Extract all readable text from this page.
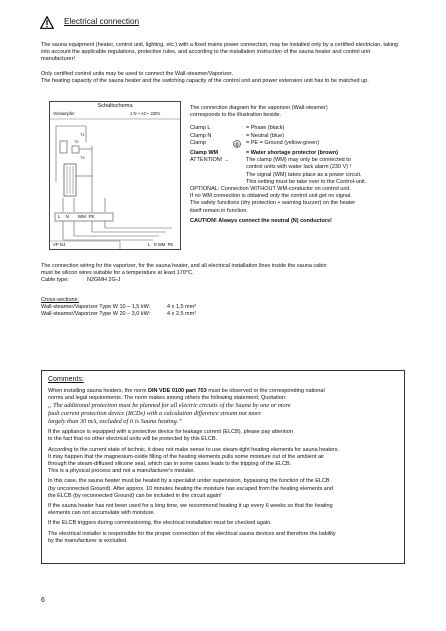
Electrical connection
The sauna equipment (heater, control unit, lighting, etc.) with a fixed mains power connection, may be installed only by a certified electrician, taking into account the applicable regulations, protective rules, and according to the installation instruction of the sauna heater and control unit manufacturer!

Only certified control units may be used to connect the Wall-steamer/Vaporizer.

The heating capacity of the sauna heater and the switching capacity of the control unit and power extension unit has to be matched up.

Schaltschema
Verdampfer	1 N ~ AC~ 230V
T1
T2
T3
L    N       WM  PE
VP 5/4	L   N WM  PE

The connection diagram for the vaporizer (Wall-steamer)

corresponds to the illustration beside.

Clamp L	= Phase (black)
Clamp N	= Neutral (blue)
Clamp	= PE = Ground (yellow-green)
Clamp WM	= Water shortage protector (brown)
ATTENTION! →	The clamp (WM) may only be connected to

control units with water lack alarm (230 V) !

The signal (WM) takes place as a power circuit.

This setting must be take over to the Control-unit.

OPTIONAL: Connection WITHOUT WM-conductor on control unit.

If no WM connection is obtained only the control unit get no signal.

The safety functions (dry protection + warning buzzer) on the heater

itself remain in function.

CAUTION! Always connect the neutral (N) conductors!

The connection wiring for the vaporizer, for the sauna heater, and all electrical installation lines inside the sauna cabin

must be silicon wires suitable for a temperature at least 170°C.

Cable type:	N2GMH 2G-J

Cross-sections:

Wall-steamer/Vaporizer Type W 10 – 1,5 kW:	4 x 1,5 mm²
Wall-steamer/Vaporizer Type W 20 – 3,0 kW:	4 x 2,5 mm²

Comments:

When installing sauna heaters, the norm DIN VDE 0100 part 703 must be observed or the corresponding national

norms and legal requirements. The norm makes among others the following statement; Quotation:

„ The additional protection must be planned for all electric circuits of the Sauna by one or more

fault current protection device (RCDs) with a calculation difference stream not more

largely than 30 mA, excluded of it is Sauna heating.”

If the appliance is equipped with a protective device for leakage current (ELCB), please pay attention

to the fact that no other electrical units will be protected by this ELCB.

According to the current state of technic, it does not make sense to use steam-tight heating elements for sauna heaters.

It may happen that the magnesium-oxide filling of the heating elements pulls some moisture out of the ambient air

through the steam-diffused silicone seal, which can in some cases leads to the tripping of the ELCB.

This is a physical process and not a manufacturer's mistake.

In this case, the sauna heater must be heated by a specialist under supervision, bypassing the function of the ELCB

(by unconnected Ground). After approx. 10 minutes heating the moisture has escaped from the heating elements and

the ELCB (by reconnected Ground) can be included in the circuit again!

If the sauna heater has not been used for a long time, we recommend heating it up every 6 weeks so that the heating

elements can not accumulate with moisture.

If the ELCB triggers during commissioning, the electrical installation must be checked again.

The electrical installer is responsible for the proper connection of the electrical sauna devices and therefore the liability

by the manufacturer is excluded.

6
